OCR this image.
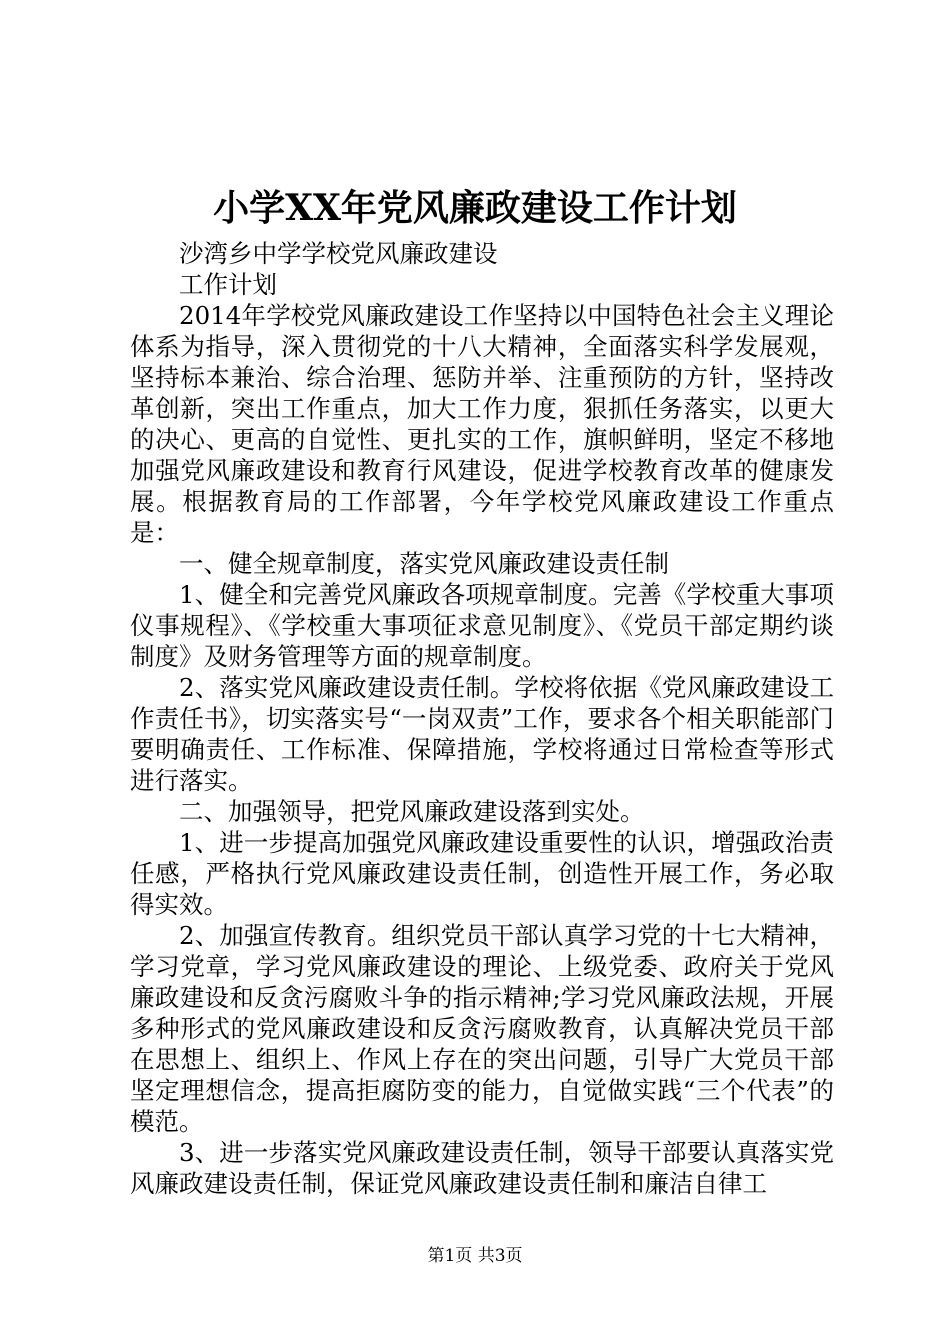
小学XX年党风廉政建设工作计划

沙湾乡中学学校党风廉政建设

工作计划

2014年学校党风廉政建设工作坚持以中国特色社会主义理论体系为指导，深入贯彻党的十八大精神，全面落实科学发展观，坚持标本兼治、综合治理、惩防并举、注重预防的方针，坚持改革创新，突出工作重点，加大工作力度，狠抓任务落实，以更大的决心、更高的自觉性、更扎实的工作，旗帜鲜明，坚定不移地加强党风廉政建设和教育行风建设，促进学校教育改革的健康发展。根据教育局的工作部署，今年学校党风廉政建设工作重点是：

一、健全规章制度，落实党风廉政建设责任制

1、健全和完善党风廉政各项规章制度。完善《学校重大事项仪事规程》、《学校重大事项征求意见制度》、《党员干部定期约谈制度》及财务管理等方面的规章制度。

2、落实党风廉政建设责任制。学校将依据《党风廉政建设工作责任书》，切实落实号“一岗双责”工作，要求各个相关职能部门要明确责任、工作标准、保障措施，学校将通过日常检查等形式进行落实。

二、加强领导，把党风廉政建设落到实处。

1、进一步提高加强党风廉政建设重要性的认识，增强政治责任感，严格执行党风廉政建设责任制，创造性开展工作，务必取得实效。

2、加强宣传教育。组织党员干部认真学习党的十七大精神，学习党章，学习党风廉政建设的理论、上级党委、政府关于党风廉政建设和反贪污腐败斗争的指示精神;学习党风廉政法规，开展多种形式的党风廉政建设和反贪污腐败教育，认真解决党员干部在思想上、组织上、作风上存在的突出问题，引导广大党员干部坚定理想信念，提高拒腐防变的能力，自觉做实践“三个代表”的模范。

3、进一步落实党风廉政建设责任制，领导干部要认真落实党风廉政建设责任制，保证党风廉政建设责任制和廉洁自律工

第1页 共3页
